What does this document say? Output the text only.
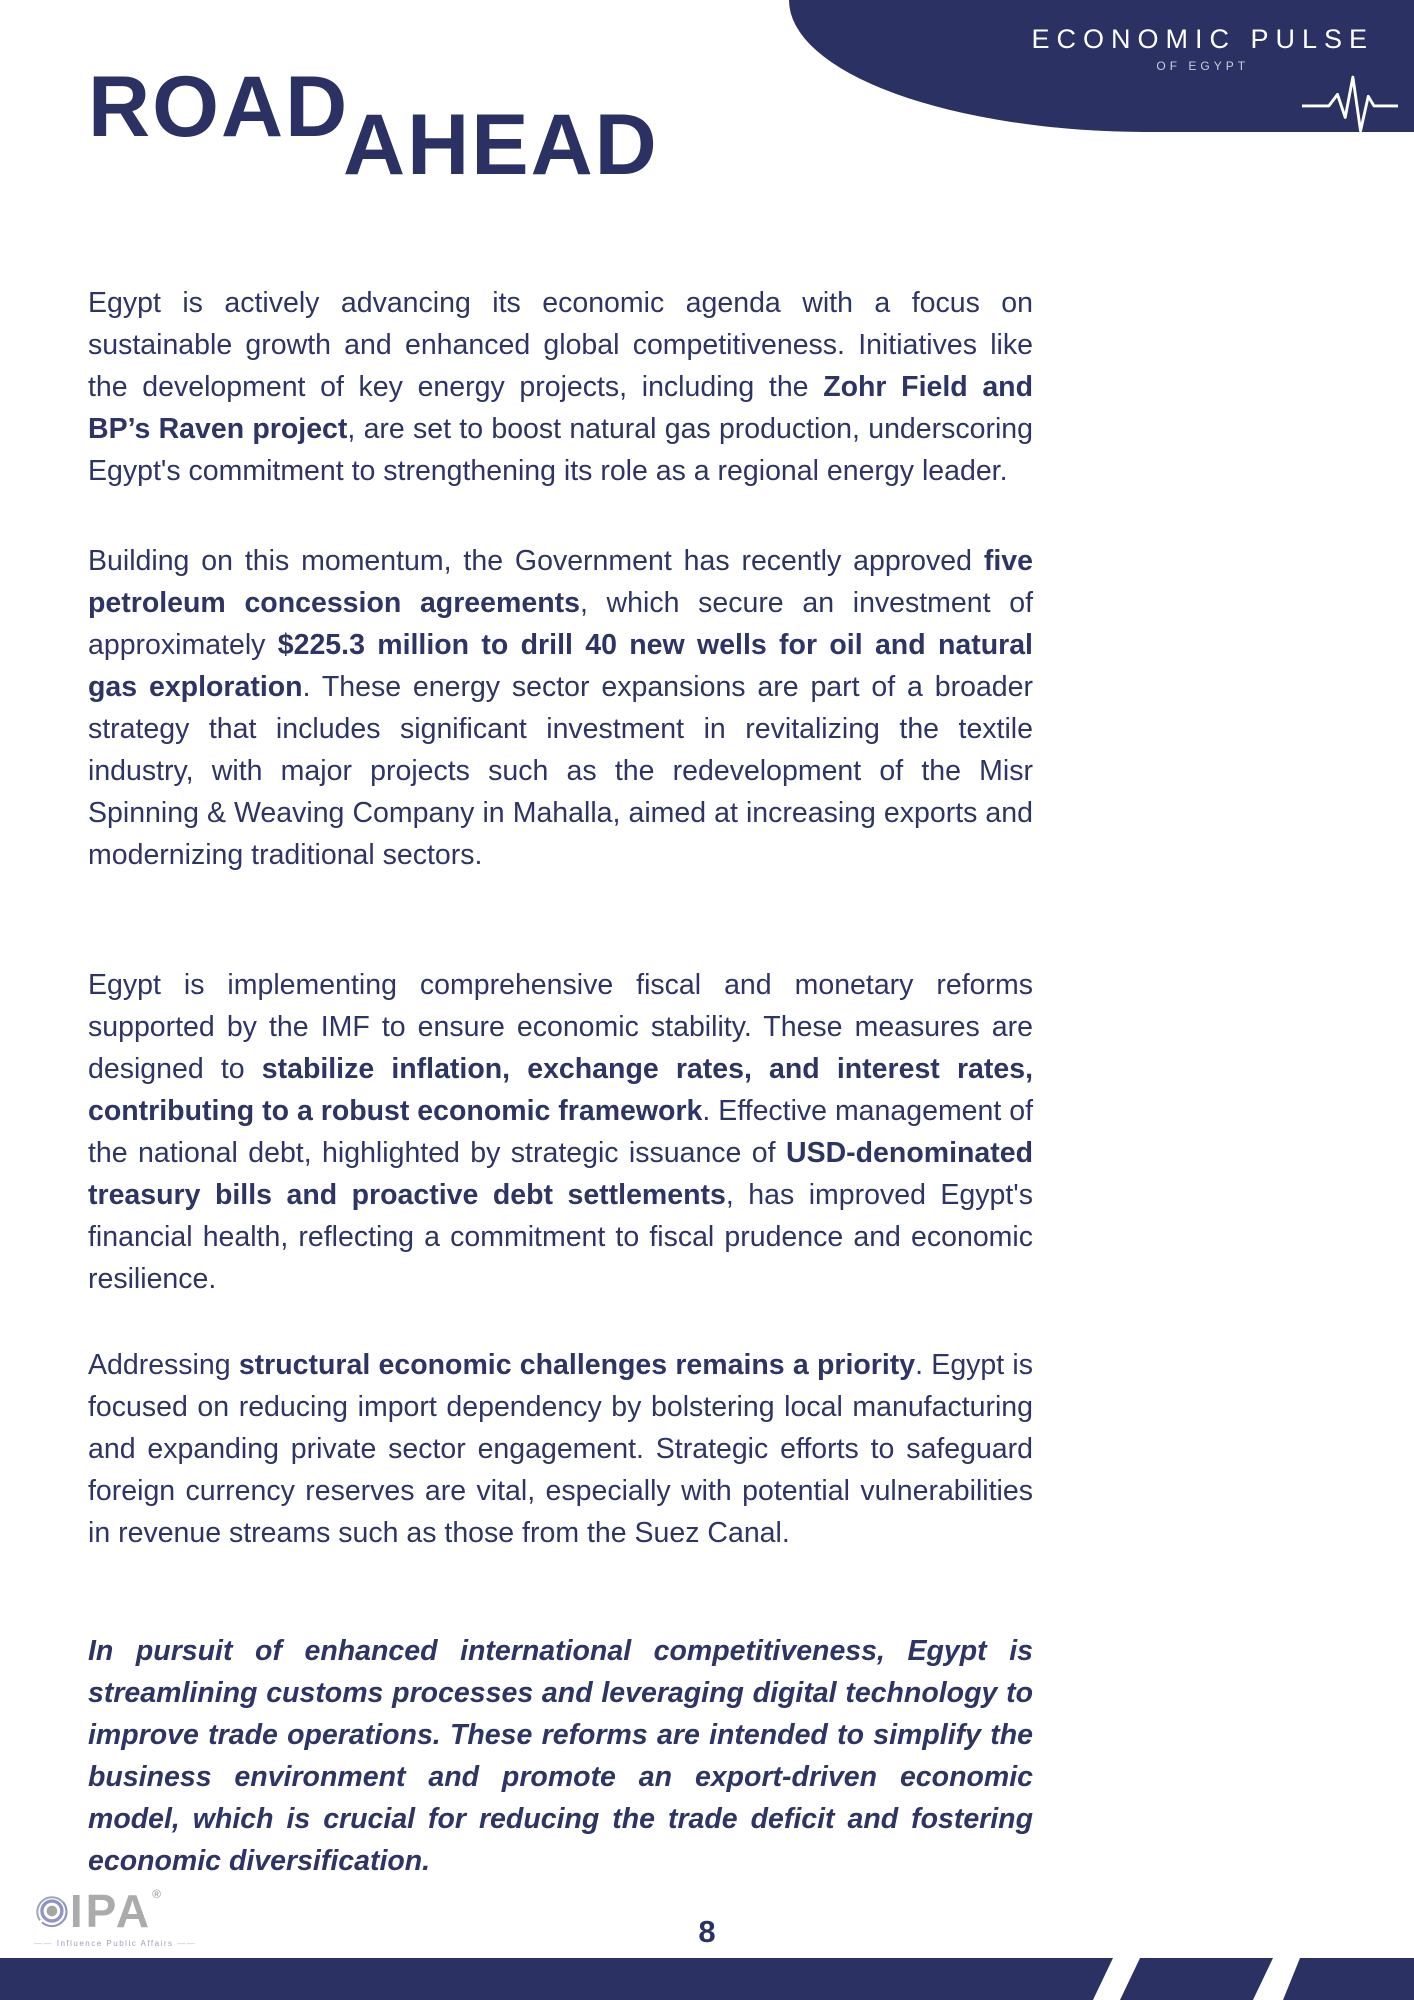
ECONOMIC PULSE
OF EGYPT
ROAD
AHEAD

Egypt is actively advancing its economic agenda with a focus on sustainable growth and enhanced global competitiveness. Initiatives like the development of key energy projects, including the Zohr Field and BP’s Raven project, are set to boost natural gas production, underscoring Egypt's commitment to strengthening its role as a regional energy leader.

Building on this momentum, the Government has recently approved five petroleum concession agreements, which secure an investment of approximately $225.3 million to drill 40 new wells for oil and natural gas exploration. These energy sector expansions are part of a broader strategy that includes significant investment in revitalizing the textile industry, with major projects such as the redevelopment of the Misr Spinning & Weaving Company in Mahalla, aimed at increasing exports and modernizing traditional sectors.

Egypt is implementing comprehensive fiscal and monetary reforms supported by the IMF to ensure economic stability. These measures are designed to stabilize inflation, exchange rates, and interest rates, contributing to a robust economic framework. Effective management of the national debt, highlighted by strategic issuance of USD-denominated treasury bills and proactive debt settlements, has improved Egypt's financial health, reflecting a commitment to fiscal prudence and economic resilience.

Addressing structural economic challenges remains a priority. Egypt is focused on reducing import dependency by bolstering local manufacturing and expanding private sector engagement. Strategic efforts to safeguard foreign currency reserves are vital, especially with potential vulnerabilities in revenue streams such as those from the Suez Canal.

In pursuit of enhanced international competitiveness, Egypt is streamlining customs processes and leveraging digital technology to improve trade operations. These reforms are intended to simplify the business environment and promote an export-driven economic model, which is crucial for reducing the trade deficit and fostering economic diversification.

IPA®
—— Influence Public Affairs ——	8
